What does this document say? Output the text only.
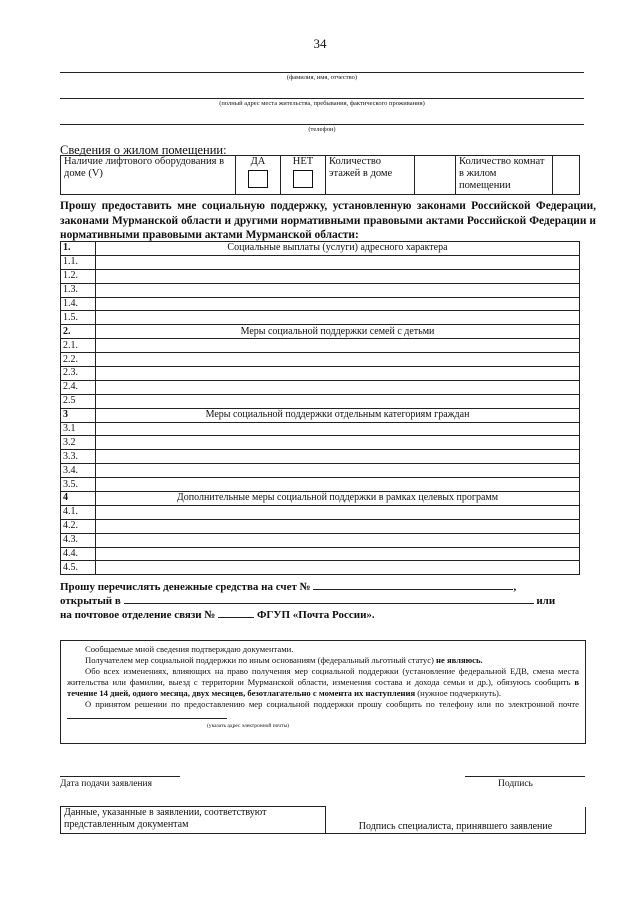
34
(фамилия, имя, отчество)
(полный адрес места жительства, пребывания, фактического проживания)
(телефон)
Сведения о жилом помещении:
Наличие лифтового оборудования в доме (V)	ДА	НЕТ	Количество этажей в доме		Количество комнат в жилом помещении	
Прошу предоставить мне социальную поддержку, установленную законами Российской Федерации, законами Мурманской области и другими нормативными правовыми актами Российской Федерации и нормативными правовыми актами Мурманской области:
1.	Социальные выплаты (услуги) адресного характера
1.1.	
1.2.	
1.3.	
1.4.	
1.5.	
2.	Меры социальной поддержки семей с детьми
2.1.	
2.2.	
2.3.	
2.4.	
2.5	
3	Меры социальной поддержки отдельным категориям граждан
3.1	
3.2	
3.3.	
3.4.	
3.5.	
4	Дополнительные меры социальной поддержки в рамках целевых программ
4.1.	
4.2.	
4.3.	
4.4.	
4.5.	
Прошу перечислять денежные средства на счет №	,
открытый в	или
на почтовое отделение связи №	ФГУП «Почта России».

Сообщаемые мной сведения подтверждаю документами.

Получателем мер социальной поддержки по иным основаниям (федеральный льготный статус) не являюсь.

Обо всех изменениях, влияющих на право получения мер социальной поддержки (установление федеральной ЕДВ, смена места жительства или фамилии, выезд с территории Мурманской области, изменения состава и дохода семьи и др.), обязуюсь сообщить в течение 14 дней, одного месяца, двух месяцев, безотлагательно с момента их наступления (нужное подчеркнуть).

О принятом решении по предоставлению мер социальной поддержки прошу сообщить по телефону или по электронной почте

(указать адрес электронной почты)
Дата подачи заявления	Подпись
Данные, указанные в заявлении, соответствуют представленным документам	Подпись специалиста, принявшего заявление
